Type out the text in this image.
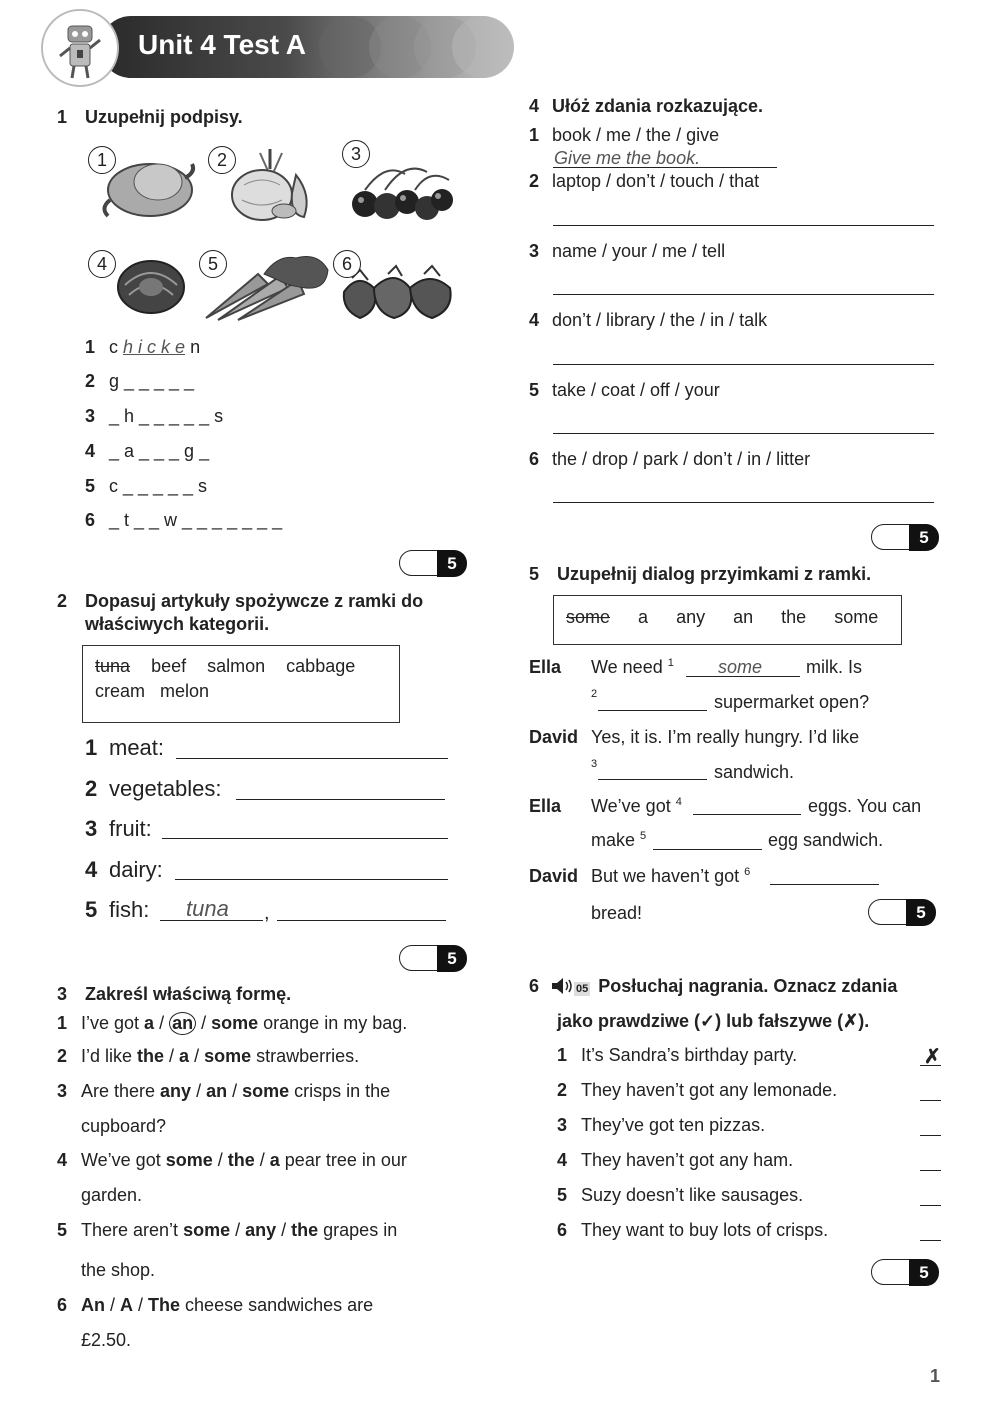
Unit 4 Test A
1 Uzupełnij podpisy.
1	2	3
4	5	6
1 c h i c k e n
2 g _ _ _ _ _
3 _ h _ _ _ _ _ s
4 _ a _ _ _ g _
5 c _ _ _ _ _ s
6 _ t _ _ w _ _ _ _ _ _ _
5
2 Dopasuj artykuły spożywcze z ramki do
właściwych kategorii.
tuna beef salmon cabbage
cream melon
1 meat:
2 vegetables:
3 fruit:
4 dairy:
5 fish: tuna ,
5
3 Zakreśl właściwą formę.
1 I’ve got a / an / some orange in my bag.
2 I’d like the / a / some strawberries.
3 Are there any / an / some crisps in the
cupboard?
4 We’ve got some / the / a pear tree in our
garden.
5 There aren’t some / any / the grapes in
the shop.
6 An / A / The cheese sandwiches are
£2.50.
4 Ułóż zdania rozkazujące.
1 book / me / the / give
Give me the book.
2 laptop / don’t / touch / that
3 name / your / me / tell
4 don’t / library / the / in / talk
5 take / coat / off / your
6 the / drop / park / don’t / in / litter
5
5 Uzupełnij dialog przyimkami z ramki.
some a any an the some
Ella We need $^1$ some milk. Is
2	supermarket open?
David Yes, it is. I’m really hungry. I’d like
3	sandwich.
Ella We’ve got $^4$	eggs. You can
make $^5$	egg sandwich.
David But we haven’t got $^6$
bread!	5
6	05 Posłuchaj nagrania. Oznacz zdania
jako prawdziwe (✓) lub fałszywe (✗).
1 It’s Sandra’s birthday party.	✗
2 They haven’t got any lemonade.
3 They’ve got ten pizzas.
4 They haven’t got any ham.
5 Suzy doesn’t like sausages.
6 They want to buy lots of crisps.
5
1
